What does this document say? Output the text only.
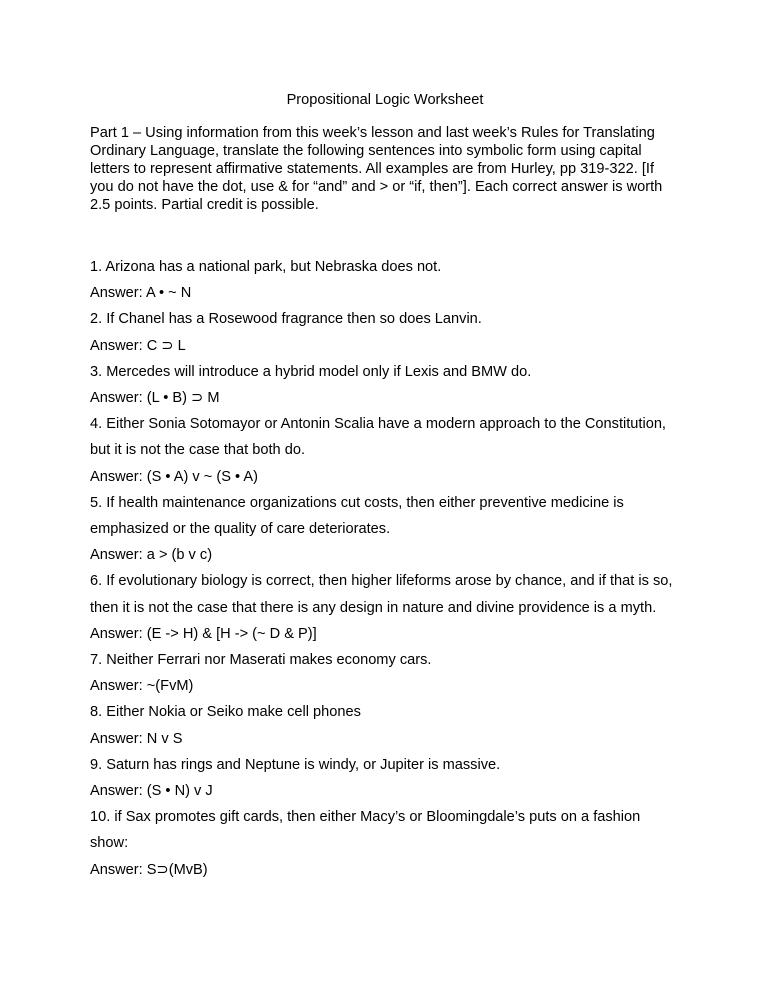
Propositional Logic Worksheet

Part 1 – Using information from this week’s lesson and last week’s Rules for Translating Ordinary Language, translate the following sentences into symbolic form using capital letters to represent affirmative statements. All examples are from Hurley, pp 319-322. [If you do not have the dot, use & for “and” and > or “if, then”]. Each correct answer is worth 2.5 points. Partial credit is possible.

1. Arizona has a national park, but Nebraska does not.

Answer: A • ~ N

2. If Chanel has a Rosewood fragrance then so does Lanvin.

Answer: C ⊃ L

3. Mercedes will introduce a hybrid model only if Lexis and BMW do.

Answer: (L • B) ⊃ M

4. Either Sonia Sotomayor or Antonin Scalia have a modern approach to the Constitution, but it is not the case that both do.

Answer: (S • A) v ~ (S • A)

5. If health maintenance organizations cut costs, then either preventive medicine is emphasized or the quality of care deteriorates.

Answer: a > (b v c)

6. If evolutionary biology is correct, then higher lifeforms arose by chance, and if that is so, then it is not the case that there is any design in nature and divine providence is a myth.

Answer: (E -> H) & [H -> (~ D & P)]

7. Neither Ferrari nor Maserati makes economy cars.

Answer: ~(FvM)

8. Either Nokia or Seiko make cell phones

Answer: N v S

9. Saturn has rings and Neptune is windy, or Jupiter is massive.

Answer: (S • N) v J

10. if Sax promotes gift cards, then either Macy’s or Bloomingdale’s puts on a fashion show:

Answer: S⊃(MvB)
